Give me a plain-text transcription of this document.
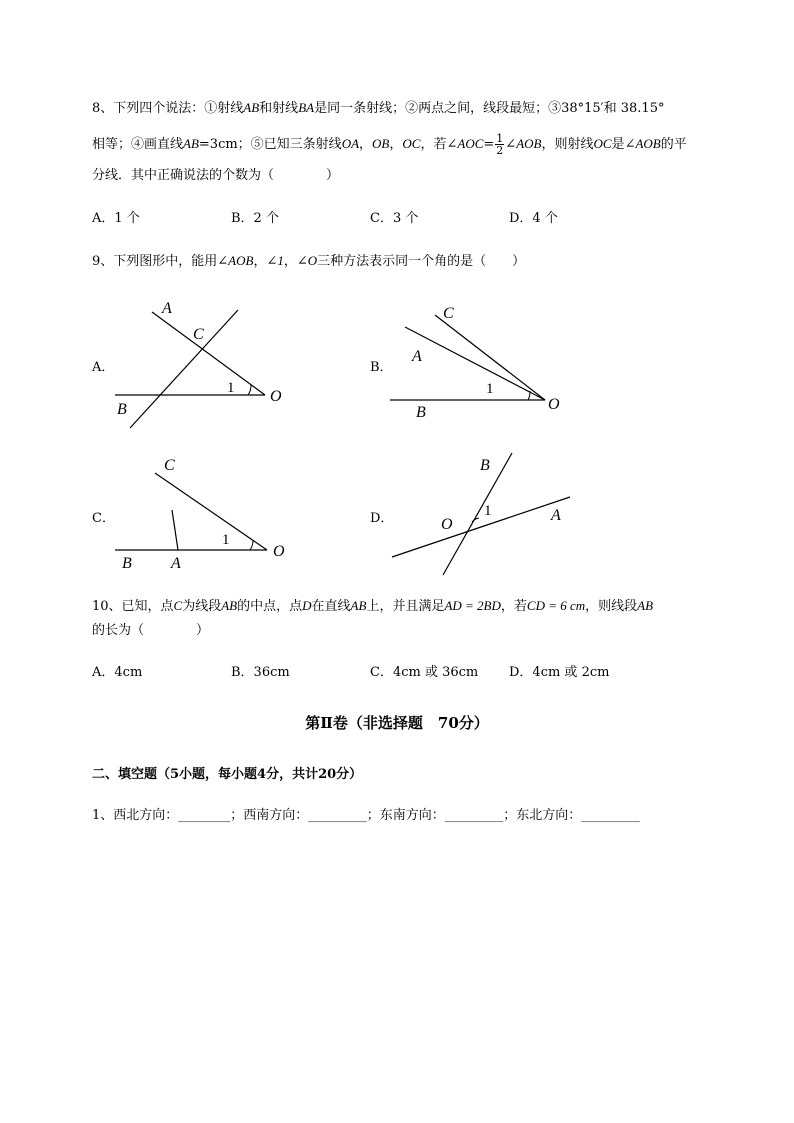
8、下列四个说法：①射线AB和射线BA是同一条射线；②两点之间，线段最短；③38°15′和 38.15°
相等；④画直线AB=3cm；⑤已知三条射线OA，OB，OC，若∠AOC= $\frac{1}{2}$ ∠AOB，则射线OC是∠AOB的平
分线．其中正确说法的个数为（　　　　）
A．1 个	B．2 个	C．3 个	D．4 个
9、下列图形中，能用∠AOB，∠1，∠O三种方法表示同一个角的是（　　）
A．	B．
C．	D．
A
C
B
O
1
C
A
B	O
1
C
B A
O
1
B
A
O
1
10、已知，点C为线段AB的中点，点D在直线AB上，并且满足AD = 2BD，若CD = 6 cm，则线段AB
的长为（　　　　）
A．4cm	B．36cm	C．4cm 或 36cm D．4cm 或 2cm
第Ⅱ卷（非选择题　70分）
二、填空题（5小题，每小题4分，共计20分）
1、西北方向：________；西南方向：_________；东南方向：_________；东北方向：_________
